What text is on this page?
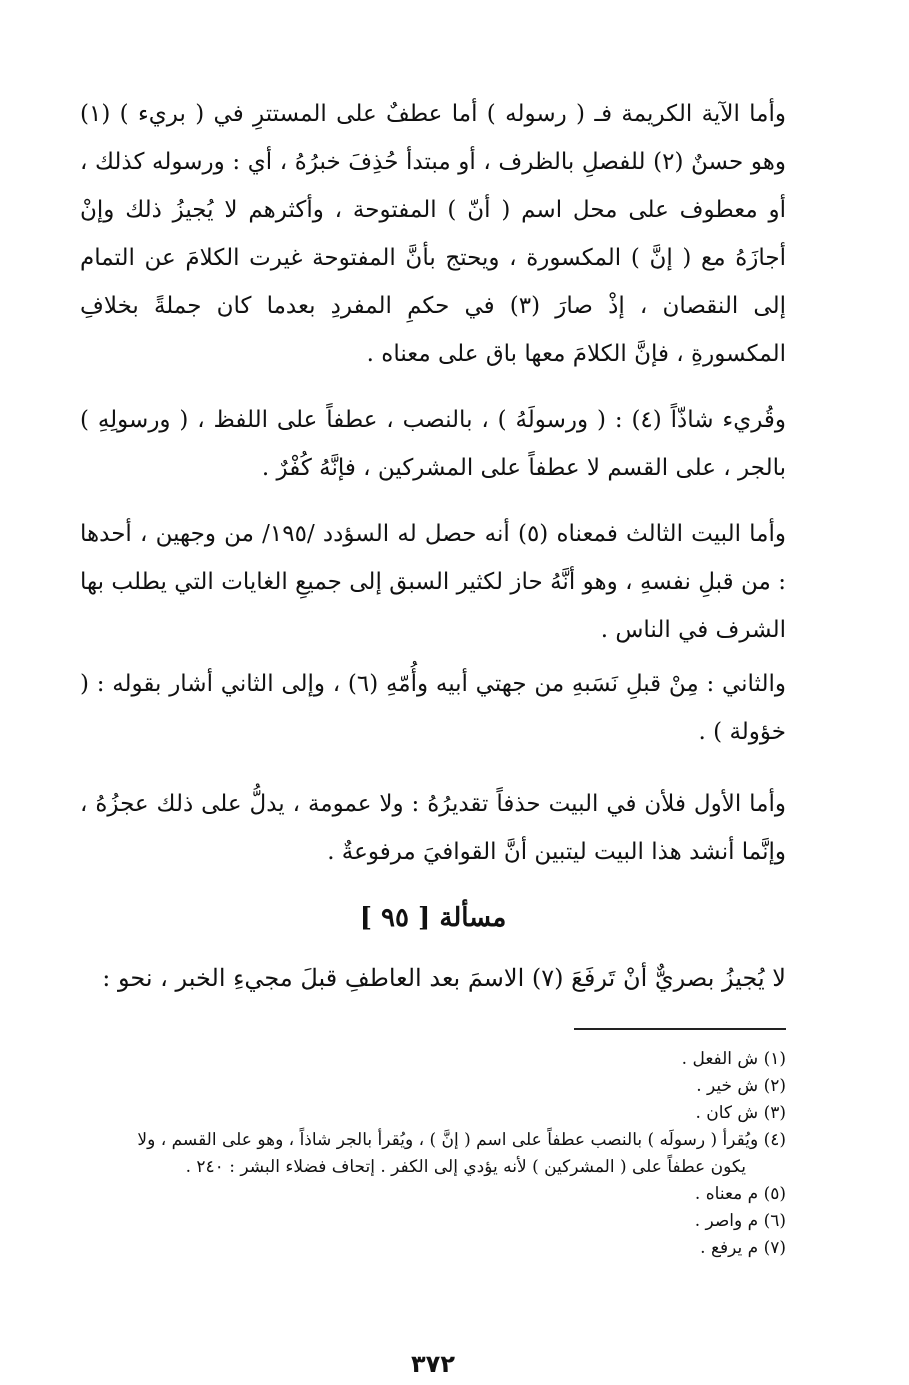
وأما الآية الكريمة فـ ( رسوله ) أما عطفٌ على المستترِ في ( بريء ) (١) وهو حسنٌ (٢) للفصلِ بالظرف ، أو مبتدأ حُذِفَ خبرُهُ ، أي : ورسوله كذلك ، أو معطوف على محل اسم ( أنّ ) المفتوحة ، وأكثرهم لا يُجيزُ ذلك وإنْ أجازَهُ مع ( إنَّ ) المكسورة ، ويحتج بأنَّ المفتوحة غيرت الكلامَ عن التمام إلى النقصان ، إذْ صارَ (٣) في حكمِ المفردِ بعدما كان جملةً بخلافِ المكسورةِ ، فإنَّ الكلامَ معها باق على معناه .

وقُريء شاذّاً (٤) : ( ورسولَهُ ) ، بالنصب ، عطفاً على اللفظ ، ( ورسولِهِ ) بالجر ، على القسم لا عطفاً على المشركين ، فإنَّهُ كُفْرٌ .

وأما البيت الثالث فمعناه (٥) أنه حصل له السؤدد /١٩٥/ من وجهين ، أحدها : من قبلِ نفسهِ ، وهو أنَّهُ حاز لكثير السبق إلى جميعِ الغايات التي يطلب بها الشرف في الناس .

والثاني : مِنْ قبلِ نَسَبهِ من جهتي أبيه وأُمّهِ (٦) ، وإلى الثاني أشار بقوله : ( خؤولة ) .

وأما الأول فلأن في البيت حذفاً تقديرُهُ : ولا عمومة ، يدلُّ على ذلك عجزُهُ ، وإنَّما أنشد هذا البيت ليتبين أنَّ القوافيَ مرفوعةٌ .

مسألة [ ٩٥ ]

لا يُجيزُ بصريٌّ أنْ تَرفَعَ (٧) الاسمَ بعد العاطفِ قبلَ مجيءِ الخبر ، نحو :

(١) ش الفعل .

(٢) ش خير .

(٣) ش كان .

(٤) ويُقرأ ( رسولَه ) بالنصب عطفاً على اسم ( إنَّ ) ، ويُقرأ بالجر شاذاً ، وهو على القسم ، ولا

يكون عطفاً على ( المشركين ) لأنه يؤدي إلى الكفر . إتحاف فضلاء البشر : ٢٤٠ .

(٥) م معناه .

(٦) م واصر .

(٧) م يرفع .

٣٧٢
